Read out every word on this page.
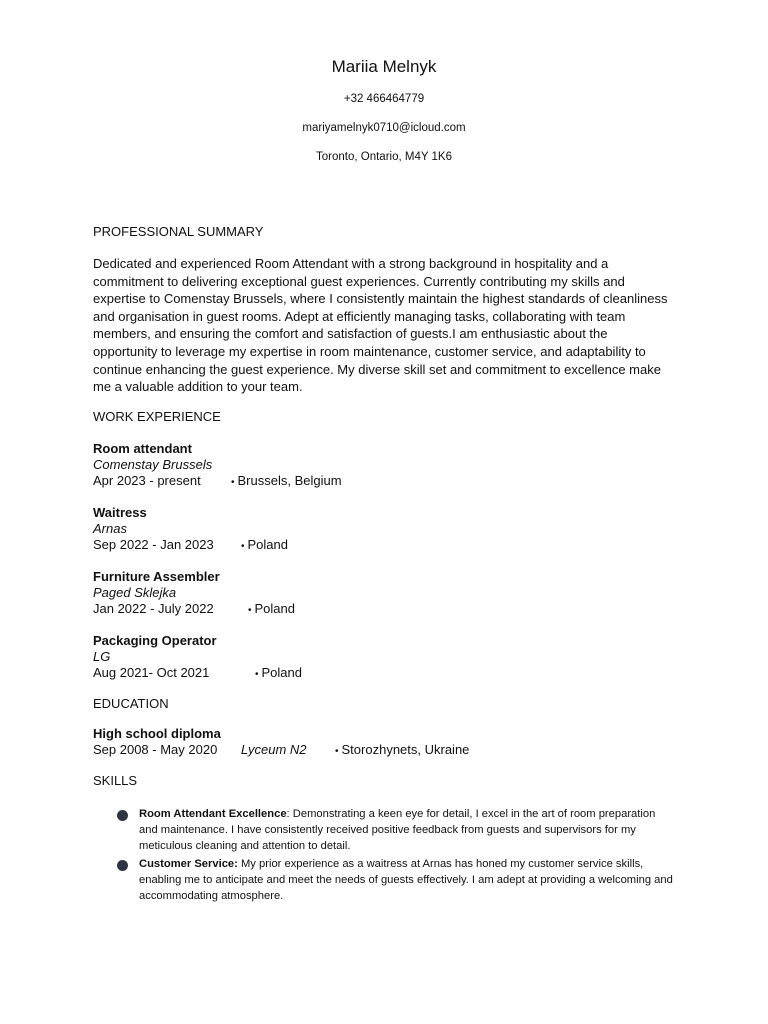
Mariia Melnyk
+32 466464779
mariyamelnyk0710@icloud.com
Toronto, Ontario, M4Y 1K6
PROFESSIONAL SUMMARY

Dedicated and experienced Room Attendant with a strong background in hospitality and a commitment to delivering exceptional guest experiences. Currently contributing my skills and expertise to Comenstay Brussels, where I consistently maintain the highest standards of cleanliness and organisation in guest rooms. Adept at efficiently managing tasks, collaborating with team members, and ensuring the comfort and satisfaction of guests.I am enthusiastic about the opportunity to leverage my expertise in room maintenance, customer service, and adaptability to continue enhancing the guest experience. My diverse skill set and commitment to excellence make me a valuable addition to your team.

WORK EXPERIENCE
Room attendant
Comenstay Brussels
Apr 2023 - present	• Brussels, Belgium
Waitress
Arnas
Sep 2022 - Jan 2023	• Poland
Furniture Assembler
Paged Sklejka
Jan 2022 - July 2022	• Poland
Packaging Operator
LG
Aug 2021- Oct 2021	• Poland
EDUCATION
High school diploma
Sep 2008 - May 2020 Lyceum N2	• Storozhynets, Ukraine
SKILLS
Room Attendant Excellence: Demonstrating a keen eye for detail, I excel in the art of room preparation and maintenance. I have consistently received positive feedback from guests and supervisors for my meticulous cleaning and attention to detail.
Customer Service: My prior experience as a waitress at Arnas has honed my customer service skills, enabling me to anticipate and meet the needs of guests effectively. I am adept at providing a welcoming and accommodating atmosphere.
